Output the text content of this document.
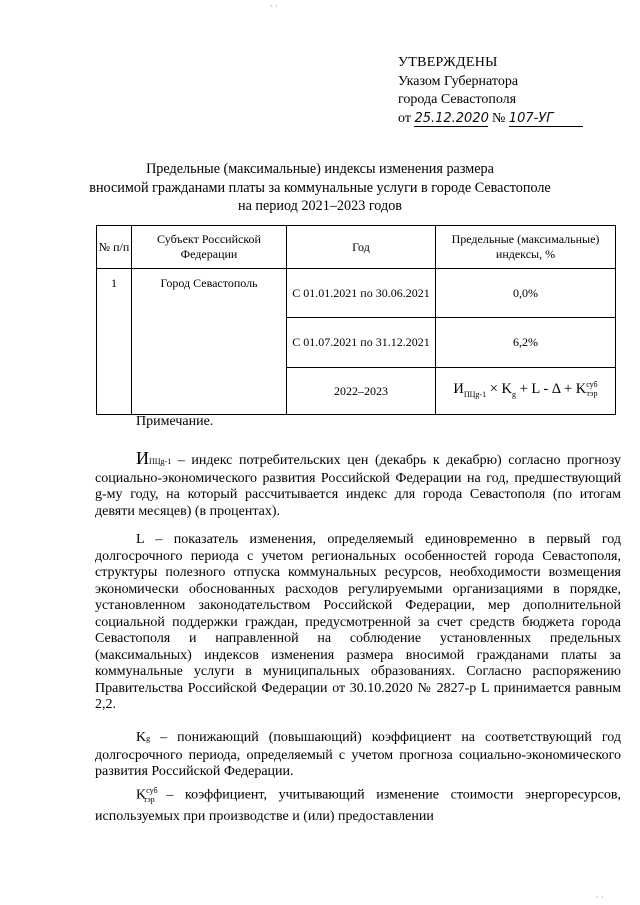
УТВЕРЖДЕНЫ
Указом Губернатора
города Севастополя
от 25.12.2020 № 107-УГ
Предельные (максимальные) индексы изменения размера
вносимой гражданами платы за коммунальные услуги в городе Севастополе
на период 2021–2023 годов
№ п/п	Субъект Российской Федерации	Год	Предельные (максимальные) индексы, %
1	Город Севастополь	С 01.01.2021 по 30.06.2021	0,0%
		С 01.07.2021 по 31.12.2021	6,2%
		2022–2023	$И_{ПЦg-1} \times K_g + L - \Delta + K$ суб
тэр
Примечание.

ИПЦg-1 – индекс потребительских цен (декабрь к декабрю) согласно прогнозу социально-экономического развития Российской Федерации на год, предшествующий g-му году, на который рассчитывается индекс для города Севастополя (по итогам девяти месяцев) (в процентах).

L – показатель изменения, определяемый единовременно в первый год долгосрочного периода с учетом региональных особенностей города Севастополя, структуры полезного отпуска коммунальных ресурсов, необходимости возмещения экономически обоснованных расходов регулируемыми организациями в порядке, установленном законодательством Российской Федерации, мер дополнительной социальной поддержки граждан, предусмотренной за счет средств бюджета города Севастополя и направленной на соблюдение установленных предельных (максимальных) индексов изменения размера вносимой гражданами платы за коммунальные услуги в муниципальных образованиях. Согласно распоряжению Правительства Российской Федерации от 30.10.2020 № 2827-р L принимается равным 2,2.

Kg – понижающий (повышающий) коэффициент на соответствующий год долгосрочного периода, определяемый с учетом прогноза социально-экономического развития Российской Федерации.

$K^{суб}_{тэр}$ – коэффициент, учитывающий изменение стоимости энергоресурсов, используемых при производстве и (или) предоставлении

· ·
· ·
